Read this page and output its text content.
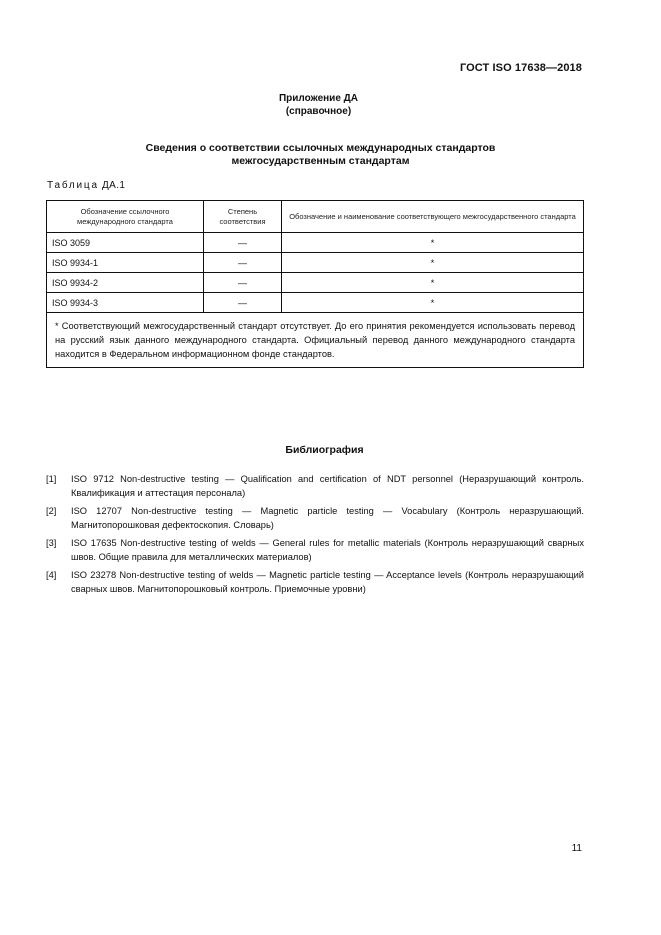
ГОСТ ISO 17638—2018
Приложение ДА
(справочное)
Сведения о соответствии ссылочных международных стандартов
межгосударственным стандартам
Таблица ДА.1
Обозначение ссылочного международного стандарта	Степень соответствия	Обозначение и наименование соответствующего межгосударственного стандарта
ISO 3059	—	*
ISO 9934-1	—	*
ISO 9934-2	—	*
ISO 9934-3	—	*
* Соответствующий межгосударственный стандарт отсутствует. До его принятия рекомендуется использовать перевод на русский язык данного международного стандарта. Официальный перевод данного международного стандарта находится в Федеральном информационном фонде стандартов.		
Библиография
[1] ISO 9712 Non-destructive testing — Qualification and certification of NDT personnel (Неразрушающий контроль. Квалификация и аттестация персонала)
[2] ISO 12707 Non-destructive testing — Magnetic particle testing — Vocabulary (Контроль неразрушающий. Магнитопорошковая дефектоскопия. Словарь)
[3] ISO 17635 Non-destructive testing of welds — General rules for metallic materials (Контроль неразрушающий сварных швов. Общие правила для металлических материалов)
[4] ISO 23278 Non-destructive testing of welds — Magnetic particle testing — Acceptance levels (Контроль неразрушающий сварных швов. Магнитопорошковый контроль. Приемочные уровни)
11
